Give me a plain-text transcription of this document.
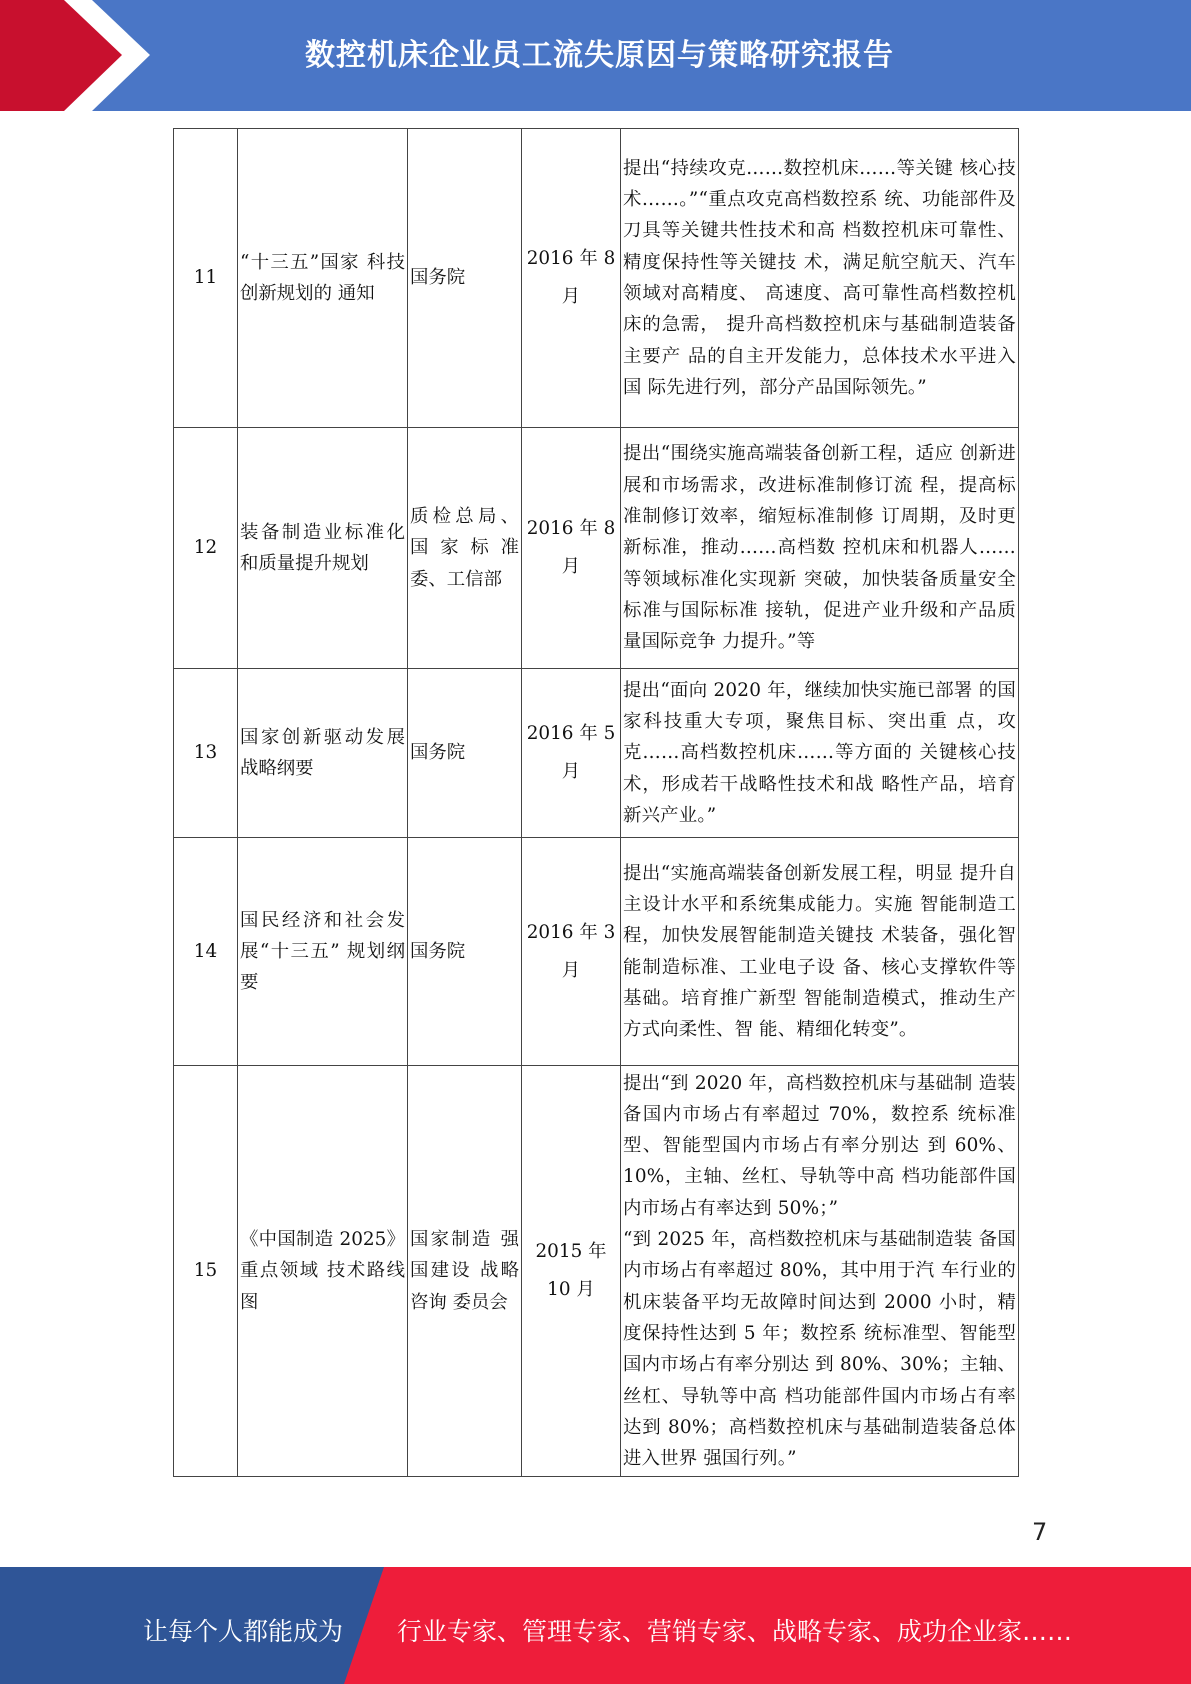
数控机床企业员工流失原因与策略研究报告
11	“十三五”国家 科技创新规划的 通知	国务院	2016 年 8 月	提出“持续攻克……数控机床……等关键 核心技术……。”“重点攻克高档数控系 统、功能部件及刀具等关键共性技术和高 档数控机床可靠性、精度保持性等关键技 术，满足航空航天、汽车领域对高精度、 高速度、高可靠性高档数控机床的急需， 提升高档数控机床与基础制造装备主要产 品的自主开发能力，总体技术水平进入国 际先进行列，部分产品国际领先。”

12	装备制造业标准化和质量提升规划	质检总局、国家标准委、工信部	2016 年 8 月	提出“围绕实施高端装备创新工程，适应 创新进展和市场需求，改进标准制修订流 程，提高标准制修订效率，缩短标准制修 订周期，及时更新标准，推动……高档数 控机床和机器人……等领域标准化实现新 突破，加快装备质量安全标准与国际标准 接轨，促进产业升级和产品质量国际竞争 力提升。”等

13	国家创新驱动发展战略纲要	国务院	2016 年 5 月	提出“面向 2020 年，继续加快实施已部署 的国家科技重大专项，聚焦目标、突出重 点，攻克……高档数控机床……等方面的 关键核心技术，形成若干战略性技术和战 略性产品，培育新兴产业。”

14	国民经济和社会发展“十三五” 规划纲要	国务院	2016 年 3 月	提出“实施高端装备创新发展工程，明显 提升自主设计水平和系统集成能力。实施 智能制造工程，加快发展智能制造关键技 术装备，强化智能制造标准、工业电子设 备、核心支撑软件等基础。培育推广新型 智能制造模式，推动生产方式向柔性、智 能、精细化转变”。

15	《中国制造 2025》重点领域 技术路线图	国家制造 强国建设 战略咨询 委员会	2015 年 10 月	提出“到 2020 年，高档数控机床与基础制 造装备国内市场占有率超过 70%，数控系 统标准型、智能型国内市场占有率分别达 到 60%、10%，主轴、丝杠、导轨等中高 档功能部件国内市场占有率达到 50%；”
“到 2025 年，高档数控机床与基础制造装 备国内市场占有率超过 80%，其中用于汽 车行业的机床装备平均无故障时间达到 2000 小时，精度保持性达到 5 年；数控系 统标准型、智能型国内市场占有率分别达 到 80%、30%；主轴、丝杠、导轨等中高 档功能部件国内市场占有率达到 80%；高档数控机床与基础制造装备总体进入世界 强国行列。”
7
让每个人都能成为 行业专家、管理专家、营销专家、战略专家、成功企业家……
